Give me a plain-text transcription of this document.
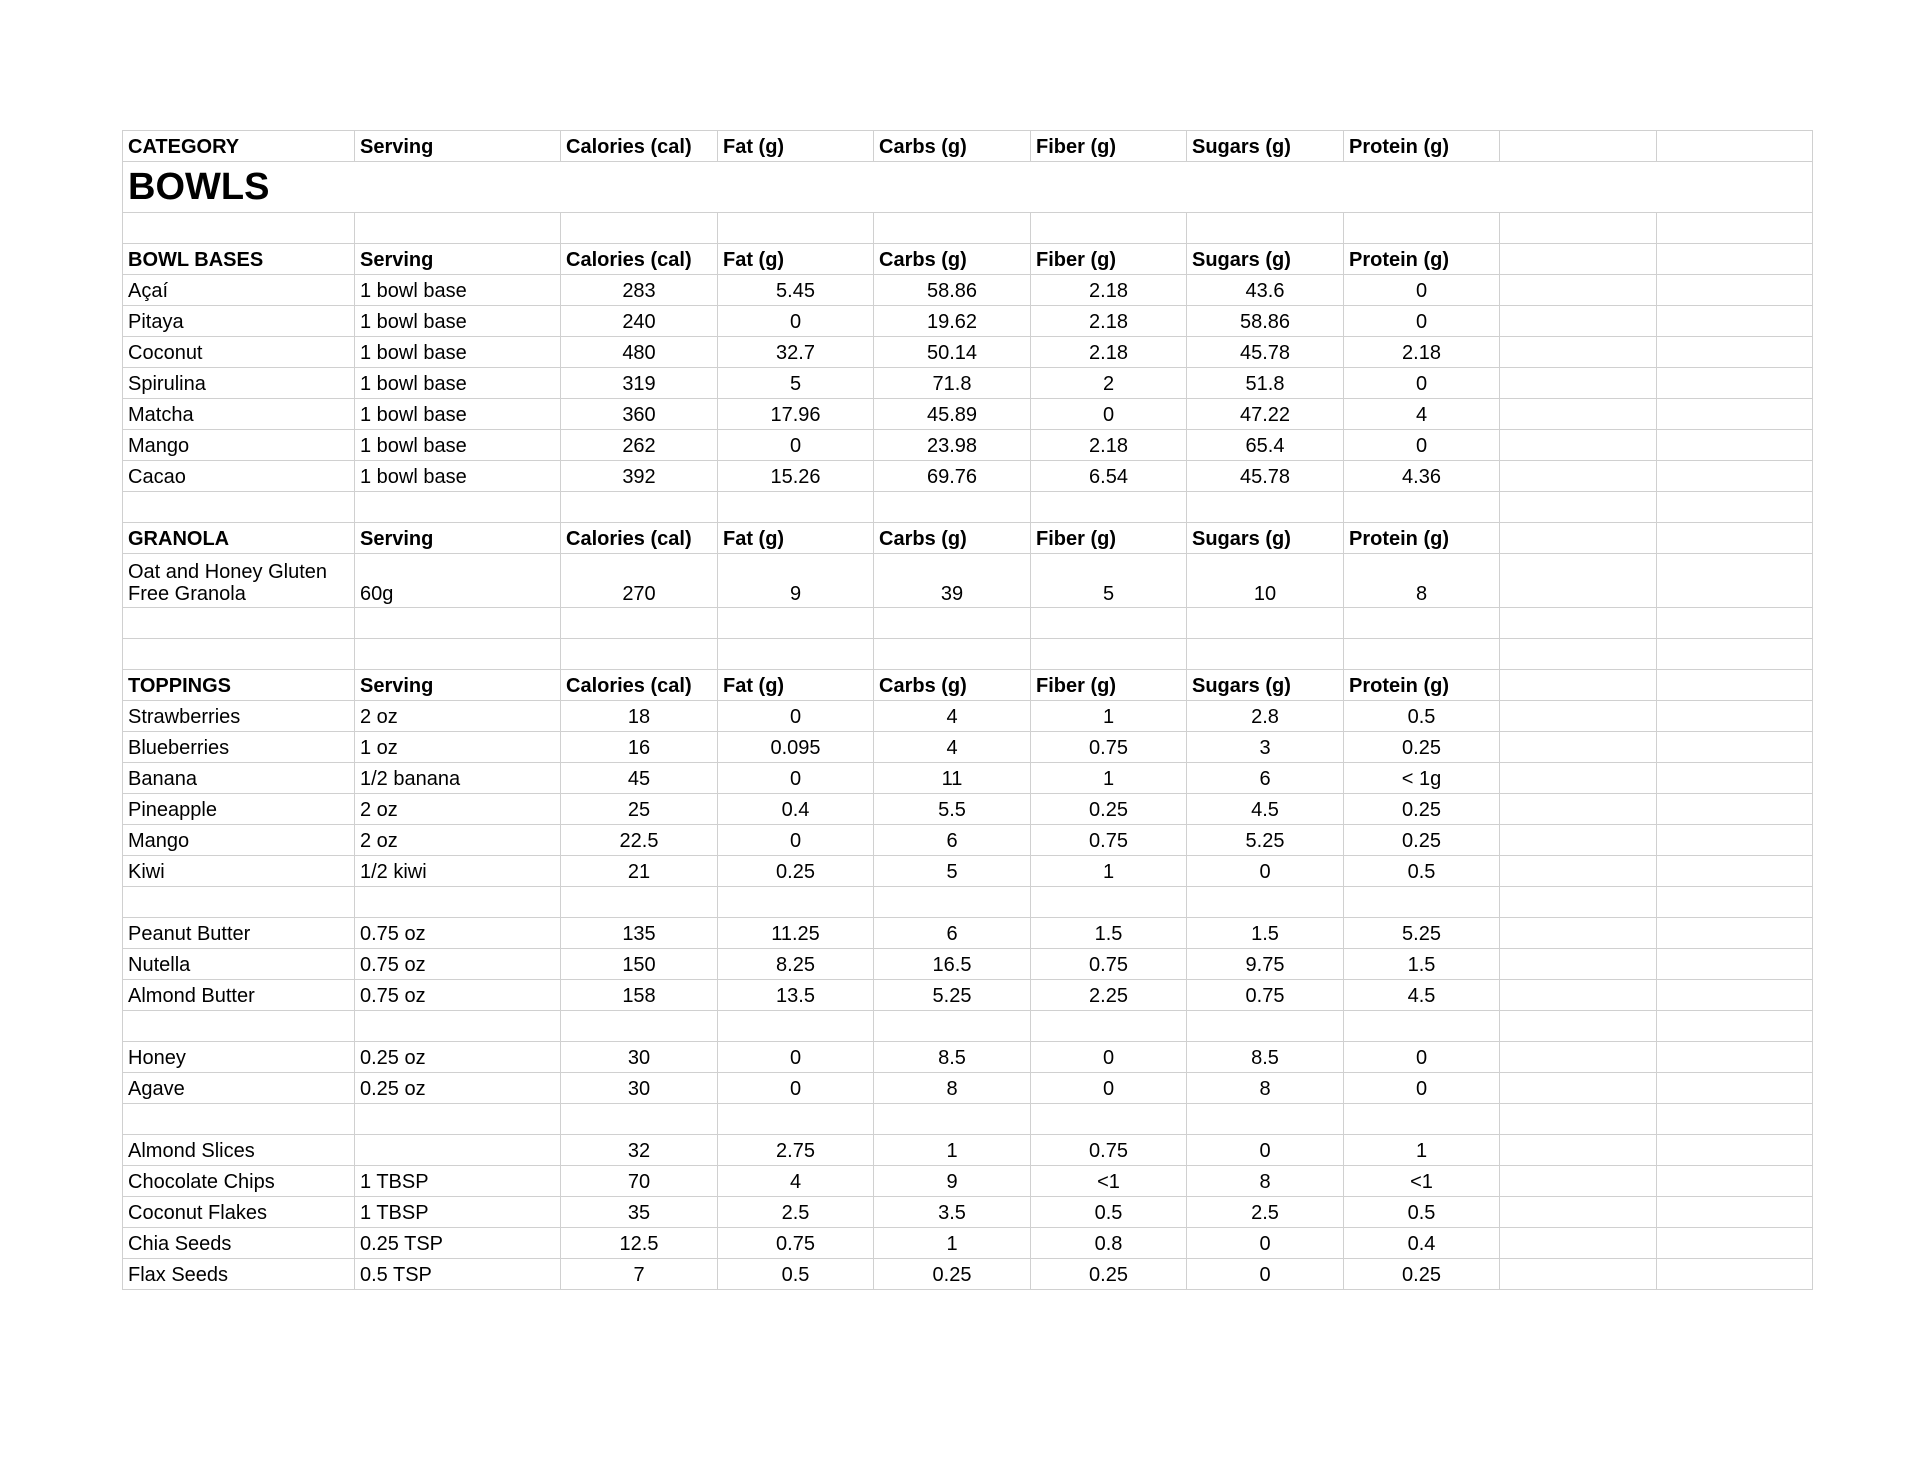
CATEGORY	Serving	Calories (cal)	Fat (g)	Carbs (g)	Fiber (g)	Sugars (g)	Protein (g)		
BOWLS									

BOWL BASES	Serving	Calories (cal)	Fat (g)	Carbs (g)	Fiber (g)	Sugars (g)	Protein (g)		
Açaí	1 bowl base	283	5.45	58.86	2.18	43.6	0		
Pitaya	1 bowl base	240	0	19.62	2.18	58.86	0		
Coconut	1 bowl base	480	32.7	50.14	2.18	45.78	2.18		
Spirulina	1 bowl base	319	5	71.8	2	51.8	0		
Matcha	1 bowl base	360	17.96	45.89	0	47.22	4		
Mango	1 bowl base	262	0	23.98	2.18	65.4	0		
Cacao	1 bowl base	392	15.26	69.76	6.54	45.78	4.36		

GRANOLA	Serving	Calories (cal)	Fat (g)	Carbs (g)	Fiber (g)	Sugars (g)	Protein (g)		
Oat and Honey Gluten Free Granola	60g	270	9	39	5	10	8		

TOPPINGS	Serving	Calories (cal)	Fat (g)	Carbs (g)	Fiber (g)	Sugars (g)	Protein (g)		
Strawberries	2 oz	18	0	4	1	2.8	0.5		
Blueberries	1 oz	16	0.095	4	0.75	3	0.25		
Banana	1/2 banana	45	0	11	1	6	< 1g		
Pineapple	2 oz	25	0.4	5.5	0.25	4.5	0.25		
Mango	2 oz	22.5	0	6	0.75	5.25	0.25		
Kiwi	1/2 kiwi	21	0.25	5	1	0	0.5		

Peanut Butter	0.75 oz	135	11.25	6	1.5	1.5	5.25		
Nutella	0.75 oz	150	8.25	16.5	0.75	9.75	1.5		
Almond Butter	0.75 oz	158	13.5	5.25	2.25	0.75	4.5		

Honey	0.25 oz	30	0	8.5	0	8.5	0		
Agave	0.25 oz	30	0	8	0	8	0		

Almond Slices		32	2.75	1	0.75	0	1		
Chocolate Chips	1 TBSP	70	4	9	<1	8	<1		
Coconut Flakes	1 TBSP	35	2.5	3.5	0.5	2.5	0.5		
Chia Seeds	0.25 TSP	12.5	0.75	1	0.8	0	0.4		
Flax Seeds	0.5 TSP	7	0.5	0.25	0.25	0	0.25		
